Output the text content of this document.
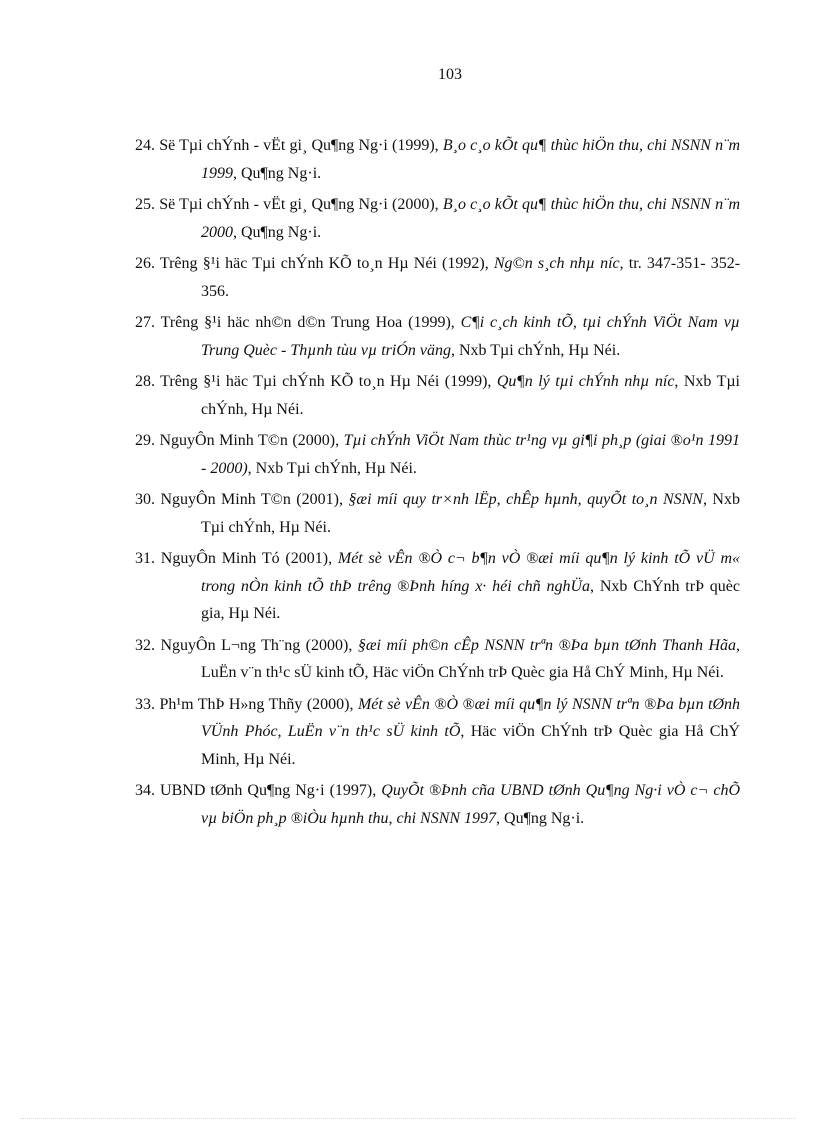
103
24. Së Tµi chÝnh - vËt gi¸ Qu¶ng Ng·i (1999), B¸o c¸o kÕt qu¶ thùc hiÖn thu, chi NSNN n¨m 1999, Qu¶ng Ng·i.
25. Së Tµi chÝnh - vËt gi¸ Qu¶ng Ng·i (2000), B¸o c¸o kÕt qu¶ thùc hiÖn thu, chi NSNN n¨m 2000, Qu¶ng Ng·i.
26. Trêng §¹i häc Tµi chÝnh KÕ to¸n Hµ Néi (1992), Ng©n s¸ch nhµ níc, tr. 347-351- 352-356.
27. Trêng §¹i häc nh©n d©n Trung Hoa (1999), C¶i c¸ch kinh tÕ, tµi chÝnh ViÖt Nam vµ Trung Quèc - Thµnh tùu vµ triÓn väng, Nxb Tµi chÝnh, Hµ Néi.
28. Trêng §¹i häc Tµi chÝnh KÕ to¸n Hµ Néi (1999), Qu¶n lý tµi chÝnh nhµ níc, Nxb Tµi chÝnh, Hµ Néi.
29. NguyÔn Minh T©n (2000), Tµi chÝnh ViÖt Nam thùc tr¹ng vµ gi¶i ph¸p (giai ®o¹n 1991 - 2000), Nxb Tµi chÝnh, Hµ Néi.
30. NguyÔn Minh T©n (2001), §æi míi quy tr×nh lËp, chÊp hµnh, quyÕt to¸n NSNN, Nxb Tµi chÝnh, Hµ Néi.
31. NguyÔn Minh Tó (2001), Mét sè vÊn ®Ò c¬ b¶n vÒ ®æi míi qu¶n lý kinh tÕ vÜ m« trong nÒn kinh tÕ thÞ trêng ®Þnh híng x· héi chñ nghÜa, Nxb ChÝnh trÞ quèc gia, Hµ Néi.
32. NguyÔn L¬ng Th¨ng (2000), §æi míi ph©n cÊp NSNN trªn ®Þa bµn tØnh Thanh Hãa, LuËn v¨n th¹c sÜ kinh tÕ, Häc viÖn ChÝnh trÞ Quèc gia Hå ChÝ Minh, Hµ Néi.
33. Ph¹m ThÞ H»ng Thñy (2000), Mét sè vÊn ®Ò ®æi míi qu¶n lý NSNN trªn ®Þa bµn tØnh VÜnh Phóc, LuËn v¨n th¹c sÜ kinh tÕ, Häc viÖn ChÝnh trÞ Quèc gia Hå ChÝ Minh, Hµ Néi.
34. UBND tØnh Qu¶ng Ng·i (1997), QuyÕt ®Þnh cña UBND tØnh Qu¶ng Ng·i vÒ c¬ chÕ vµ biÖn ph¸p ®iÒu hµnh thu, chi NSNN 1997, Qu¶ng Ng·i.
